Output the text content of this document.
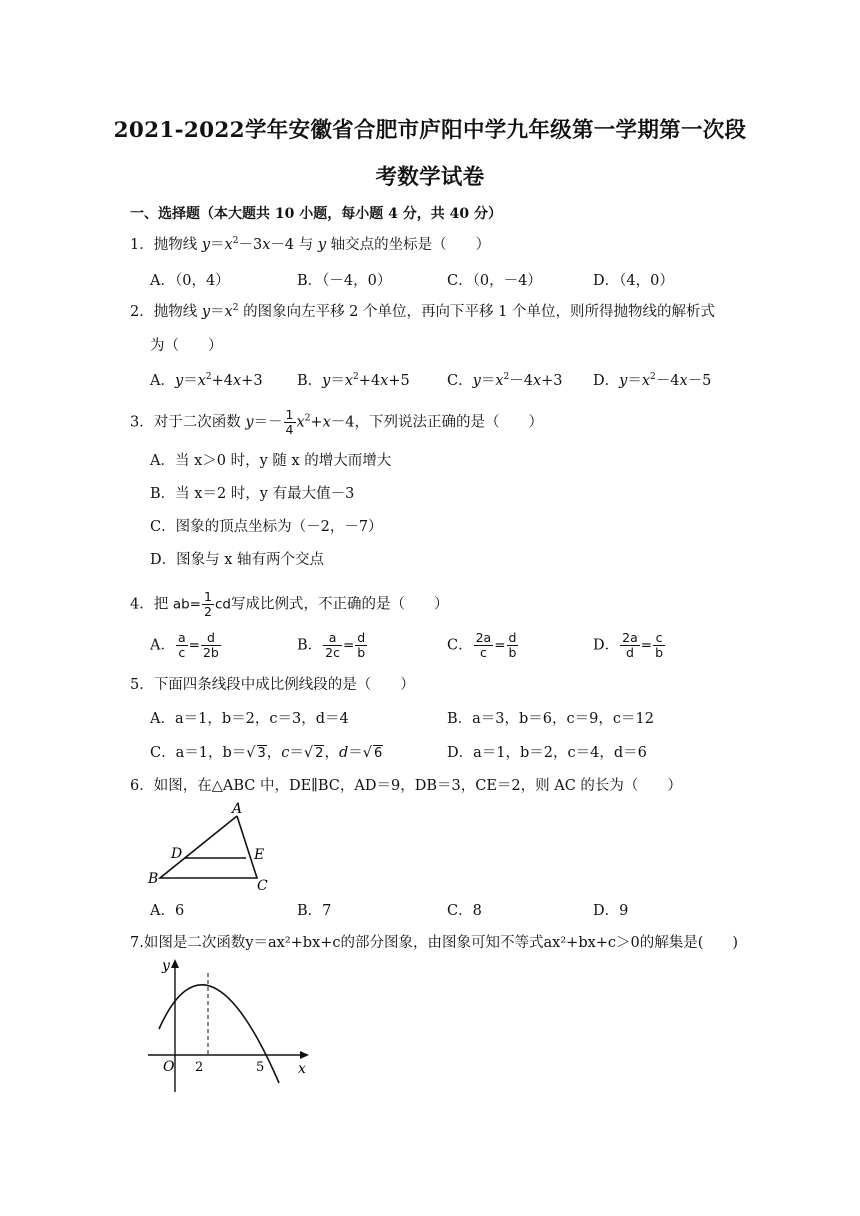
2021-2022学年安徽省合肥市庐阳中学九年级第一学期第一次段
考数学试卷
一、选择题（本大题共 10 小题，每小题 4 分，共 40 分）
1．抛物线 $y=x^2-3x-4$ 与 y 轴交点的坐标是（　　）
A．（0，4）	B．（－4，0）	C．（0，－4）	D．（4，0）
2．抛物线 $y=x^2$ 的图象向左平移 2 个单位，再向下平移 1 个单位，则所得抛物线的解析式
为（　　）
A．$y=x^2+4x+3$ B．$y=x^2+4x+5$	C．$y=x^2-4x+3$ D．$y=x^2-4x-5$
3．对于二次函数 $y=- \frac{1}{4} x^2+x-4$，下列说法正确的是（　　）
A．当 x＞0 时，y 随 x 的增大而增大
B．当 x＝2 时，y 有最大值－3
C．图象的顶点坐标为（－2，－7）
D．图象与 x 轴有两个交点
4．把 $ab= \frac{1}{2}$ cd写成比例式，不正确的是（　　）
A． $\frac{a}{c} = \frac{d}{2b}$	B． $\frac{a}{2c} = \frac{d}{b}$	C． $\frac{2a}{c} = \frac{d}{b}$	D． $\frac{2a}{d} = \frac{c}{b}$
5．下面四条线段中成比例线段的是（　　）
A．a＝1，b＝2，c＝3，d＝4	B．a＝3，b＝6，c＝9，c＝12
C．a＝1，b＝√ 3，c＝√ 2，d＝√ 6	D．a＝1，b＝2，c＝4，d＝6
6．如图，在△ABC 中，DE∥BC，AD＝9，DB＝3，CE＝2，则 AC 的长为（　　）
A
D	E
B	C
A．6	B．7	C．8	D．9
7.如图是二次函数y＝ax²+bx+c的部分图象，由图象可知不等式ax²+bx+c＞0的解集是(　　)
y
x
O 2	5
